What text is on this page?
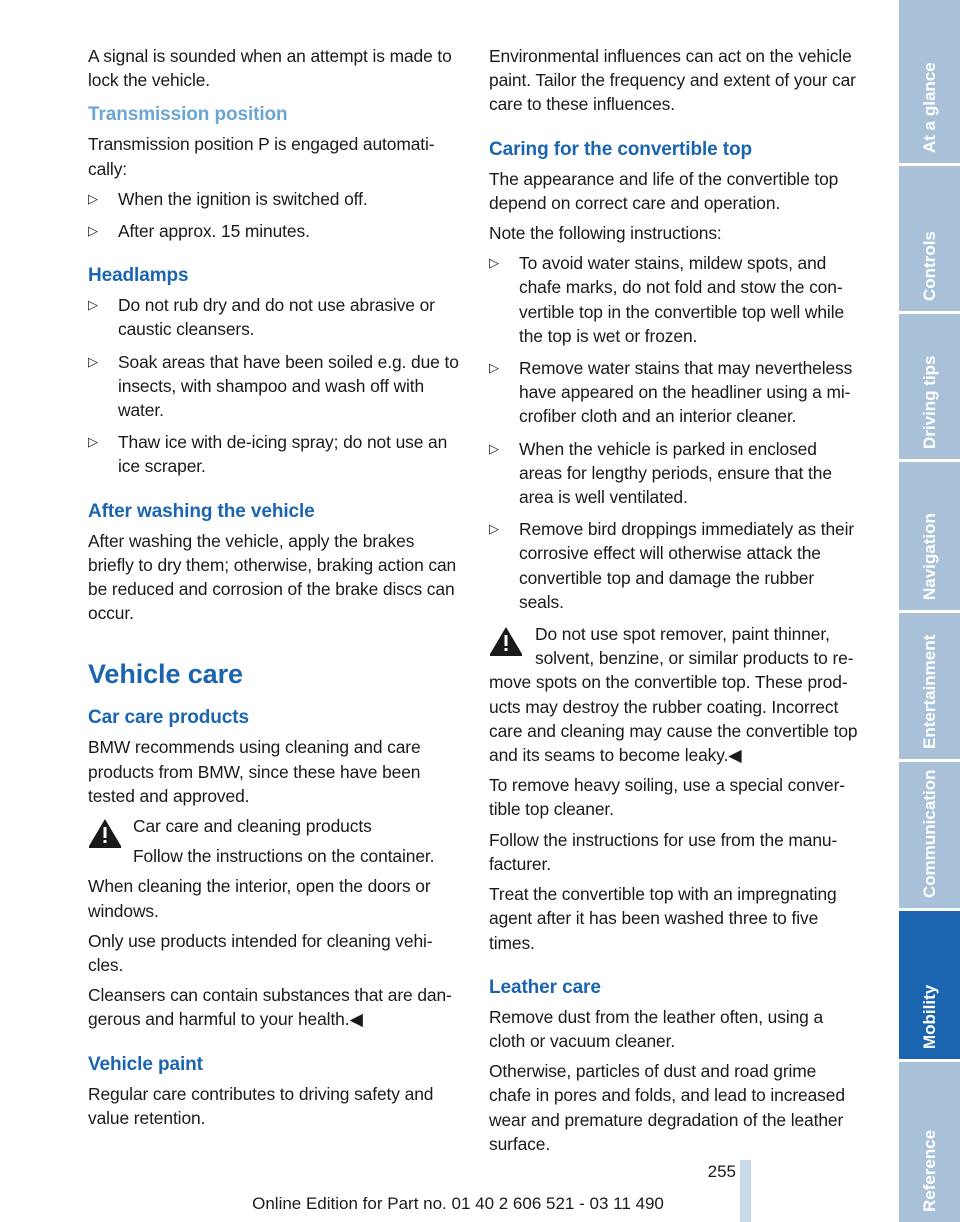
A signal is sounded when an attempt is made to lock the vehicle.

Transmission position

Transmission position P is engaged automati-cally:

▷ When the ignition is switched off.
▷ After approx. 15 minutes.
Headlamps
▷ Do not rub dry and do not use abrasive or caustic cleansers.
▷ Soak areas that have been soiled e.g. due to insects, with shampoo and wash off with water.
▷ Thaw ice with de-icing spray; do not use an ice scraper.
After washing the vehicle

After washing the vehicle, apply the brakes briefly to dry them; otherwise, braking action can be reduced and corrosion of the brake discs can occur.

Vehicle care
Car care products

BMW recommends using cleaning and care products from BMW, since these have been tested and approved.

Car care and cleaning products

Follow the instructions on the container.

When cleaning the interior, open the doors or windows.

Only use products intended for cleaning vehi-cles.

Cleansers can contain substances that are dan-gerous and harmful to your health.◀

Vehicle paint

Regular care contributes to driving safety and value retention.

Environmental influences can act on the vehicle paint. Tailor the frequency and extent of your car care to these influences.

Caring for the convertible top

The appearance and life of the convertible top depend on correct care and operation.

Note the following instructions:

▷ To avoid water stains, mildew spots, and chafe marks, do not fold and stow the con-vertible top in the convertible top well while the top is wet or frozen.
▷ Remove water stains that may nevertheless have appeared on the headliner using a mi-crofiber cloth and an interior cleaner.
▷ When the vehicle is parked in enclosed areas for lengthy periods, ensure that the area is well ventilated.
▷ Remove bird droppings immediately as their corrosive effect will otherwise attack the convertible top and damage the rubber seals.
Do not use spot remover, paint thinner, solvent, benzine, or similar products to re-
move spots on the convertible top. These prod-ucts may destroy the rubber coating. Incorrect care and cleaning may cause the convertible top and its seams to become leaky.◀

To remove heavy soiling, use a special conver-tible top cleaner.

Follow the instructions for use from the manu-facturer.

Treat the convertible top with an impregnating agent after it has been washed three to five times.

Leather care

Remove dust from the leather often, using a cloth or vacuum cleaner.

Otherwise, particles of dust and road grime chafe in pores and folds, and lead to increased wear and premature degradation of the leather surface.

At a glance
Controls
Driving tips
Navigation
Entertainment
Communication
Mobility
Reference
255
Online Edition for Part no. 01 40 2 606 521 - 03 11 490
